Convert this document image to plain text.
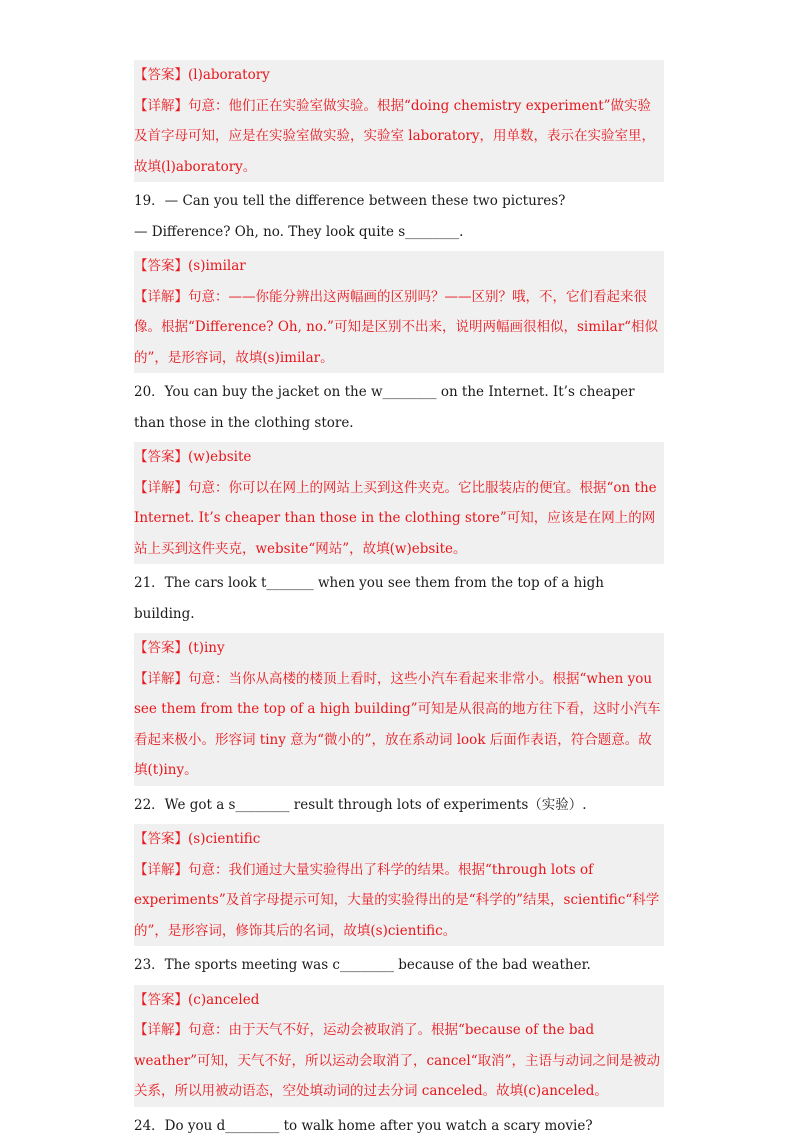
【答案】(l)aboratory

【详解】句意：他们正在实验室做实验。根据“doing chemistry experiment”做实验及首字母可知，应是在实验室做实验，实验室 laboratory，用单数，表示在实验室里，故填(l)aboratory。

19．— Can you tell the difference between these two pictures?

— Difference? Oh, no. They look quite s________.

【答案】(s)imilar

【详解】句意：——你能分辨出这两幅画的区别吗？——区别？哦，不，它们看起来很像。根据“Difference? Oh, no.”可知是区别不出来，说明两幅画很相似，similar“相似的”，是形容词，故填(s)imilar。

20．You can buy the jacket on the w________ on the Internet. It’s cheaper than those in the clothing store.

【答案】(w)ebsite

【详解】句意：你可以在网上的网站上买到这件夹克。它比服装店的便宜。根据“on the Internet. It’s cheaper than those in the clothing store”可知，应该是在网上的网站上买到这件夹克，website“网站”，故填(w)ebsite。

21．The cars look t_______ when you see them from the top of a high building.

【答案】(t)iny

【详解】句意：当你从高楼的楼顶上看时，这些小汽车看起来非常小。根据“when you see them from the top of a high building”可知是从很高的地方往下看，这时小汽车看起来极小。形容词 tiny 意为“微小的”，放在系动词 look 后面作表语，符合题意。故填(t)iny。

22．We got a s________ result through lots of experiments（实验）.

【答案】(s)cientific

【详解】句意：我们通过大量实验得出了科学的结果。根据“through lots of experiments”及首字母提示可知，大量的实验得出的是“科学的”结果，scientific“科学的”，是形容词，修饰其后的名词，故填(s)cientific。

23．The sports meeting was c________ because of the bad weather.

【答案】(c)anceled

【详解】句意：由于天气不好，运动会被取消了。根据“because of the bad weather”可知，天气不好，所以运动会取消了，cancel“取消”，主语与动词之间是被动关系，所以用被动语态，空处填动词的过去分词 canceled。故填(c)anceled。

24．Do you d________ to walk home after you watch a scary movie?
